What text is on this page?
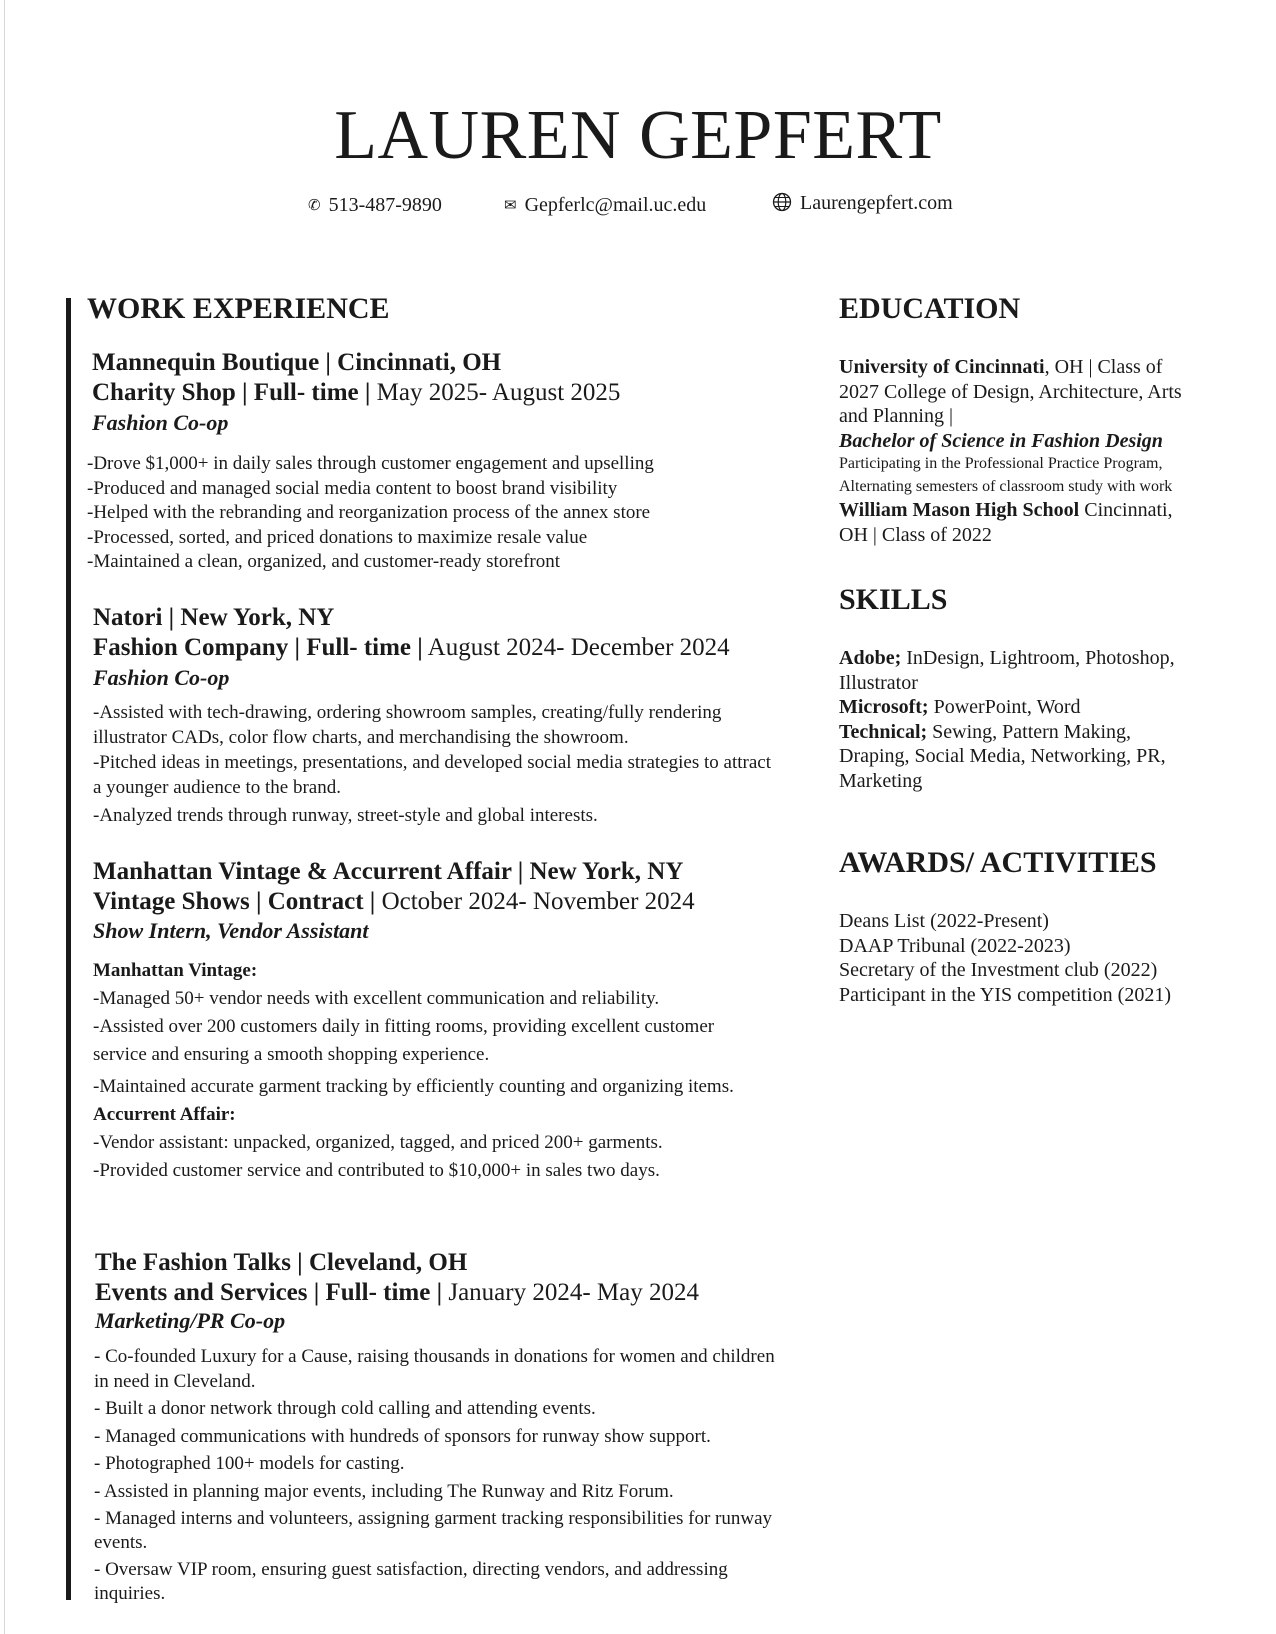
LAUREN GEPFERT
✆ 513-487-9890	✉ Gepferlc@mail.uc.edu	Laurengepfert.com
WORK EXPERIENCE
Mannequin Boutique | Cincinnati, OH
Charity Shop | Full- time | May 2025- August 2025
Fashion Co-op

-Drove $1,000+ in daily sales through customer engagement and upselling

-Produced and managed social media content to boost brand visibility

-Helped with the rebranding and reorganization process of the annex store

-Processed, sorted, and priced donations to maximize resale value

-Maintained a clean, organized, and customer-ready storefront

Natori | New York, NY
Fashion Company | Full- time | August 2024- December 2024
Fashion Co-op

-Assisted with tech-drawing, ordering showroom samples, creating/fully rendering illustrator CADs, color flow charts, and merchandising the showroom.

-Pitched ideas in meetings, presentations, and developed social media strategies to attract a younger audience to the brand.

-Analyzed trends through runway, street-style and global interests.

Manhattan Vintage & Accurrent Affair | New York, NY
Vintage Shows | Contract | October 2024- November 2024
Show Intern, Vendor Assistant

Manhattan Vintage:

-Managed 50+ vendor needs with excellent communication and reliability.

-Assisted over 200 customers daily in fitting rooms, providing excellent customer service and ensuring a smooth shopping experience.

-Maintained accurate garment tracking by efficiently counting and organizing items.

Accurrent Affair:

-Vendor assistant: unpacked, organized, tagged, and priced 200+ garments.

-Provided customer service and contributed to $10,000+ in sales two days.

The Fashion Talks | Cleveland, OH
Events and Services | Full- time | January 2024- May 2024
Marketing/PR Co-op

- Co-founded Luxury for a Cause, raising thousands in donations for women and children in need in Cleveland.

- Built a donor network through cold calling and attending events.

- Managed communications with hundreds of sponsors for runway show support.

- Photographed 100+ models for casting.

- Assisted in planning major events, including The Runway and Ritz Forum.

- Managed interns and volunteers, assigning garment tracking responsibilities for runway events.

- Oversaw VIP room, ensuring guest satisfaction, directing vendors, and addressing inquiries.

EDUCATION

University of Cincinnati, OH | Class of 2027 College of Design, Architecture, Arts and Planning |

Bachelor of Science in Fashion Design

Participating in the Professional Practice Program, Alternating semesters of classroom study with work

William Mason High School Cincinnati, OH | Class of 2022

SKILLS

Adobe; InDesign, Lightroom, Photoshop, Illustrator

Microsoft; PowerPoint, Word

Technical; Sewing, Pattern Making, Draping, Social Media, Networking, PR, Marketing

AWARDS/ ACTIVITIES

Deans List (2022-Present)

DAAP Tribunal (2022-2023)

Secretary of the Investment club (2022)

Participant in the YIS competition (2021)
